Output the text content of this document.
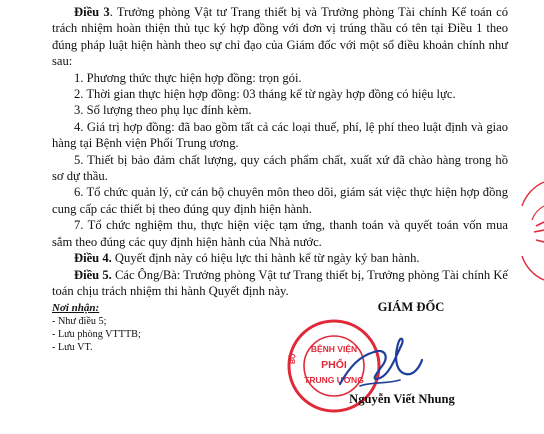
Điều 3. Trưởng phòng Vật tư Trang thiết bị và Trưởng phòng Tài chính Kế toán có trách nhiệm hoàn thiện thủ tục ký hợp đồng với đơn vị trúng thầu có tên tại Điều 1 theo đúng pháp luật hiện hành theo sự chỉ đạo của Giám đốc với một số điều khoản chính như sau:

1. Phương thức thực hiện hợp đồng: trọn gói.

2. Thời gian thực hiện hợp đồng: 03 tháng kể từ ngày hợp đồng có hiệu lực.

3. Số lượng theo phụ lục đính kèm.

4. Giá trị hợp đồng: đã bao gồm tất cả các loại thuế, phí, lệ phí theo luật định và giao hàng tại Bệnh viện Phổi Trung ương.

5. Thiết bị bảo đảm chất lượng, quy cách phẩm chất, xuất xứ đã chào hàng trong hồ sơ dự thầu.

6. Tổ chức quản lý, cử cán bộ chuyên môn theo dõi, giám sát việc thực hiện hợp đồng cung cấp các thiết bị theo đúng quy định hiện hành.

7. Tổ chức nghiệm thu, thực hiện việc tạm ứng, thanh toán và quyết toán vốn mua sắm theo đúng các quy định hiện hành của Nhà nước.

Điều 4. Quyết định này có hiệu lực thi hành kể từ ngày ký ban hành.

Điều 5. Các Ông/Bà: Trưởng phòng Vật tư Trang thiết bị, Trưởng phòng Tài chính Kế toán chịu trách nhiệm thi hành Quyết định này.

Nơi nhận:
- Như điều 5;
- Lưu phòng VTTTB;
- Lưu VT.
GIÁM ĐỐC
BỘ
BỆNH VIỆN
PHỔI
TRUNG ƯƠNG
Nguyễn Viết Nhung
